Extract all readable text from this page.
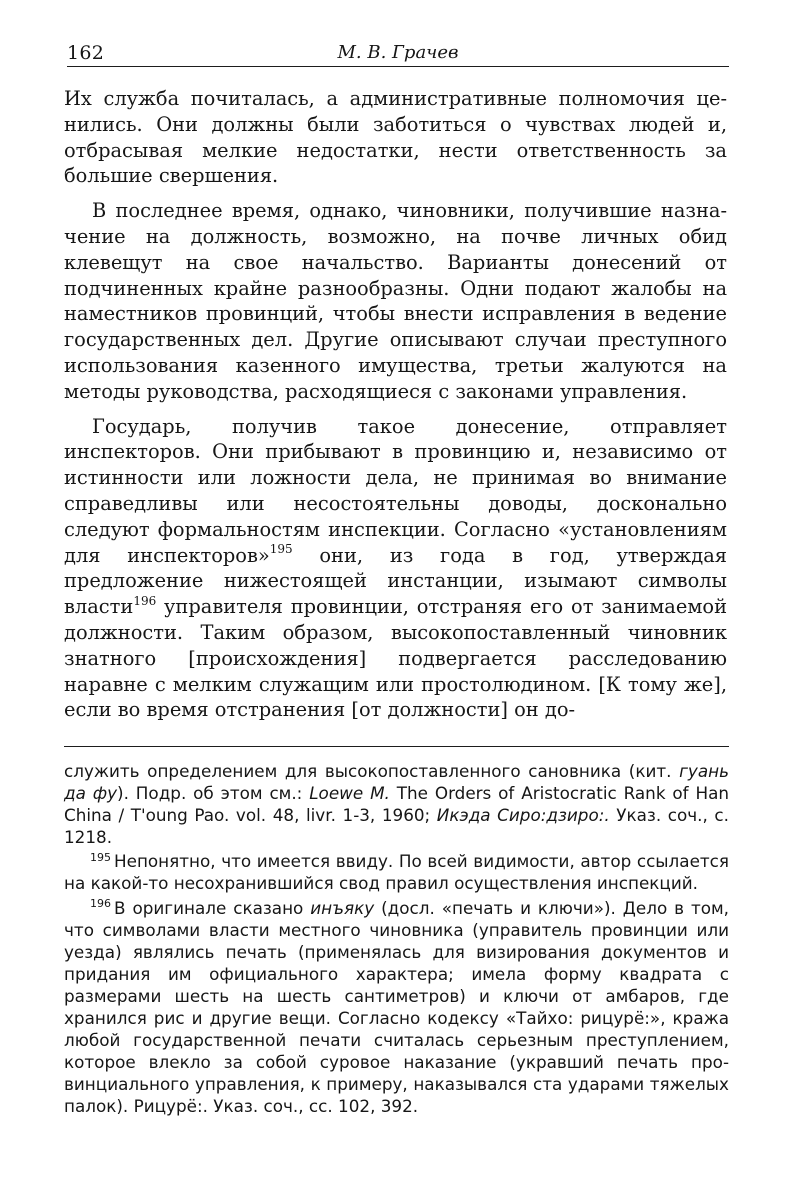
162	М. В. Грачев

Их служба почиталась, а административные полномочия ценились. Они должны были заботиться о чувствах людей и, отбрасывая мелкие недостатки, нести ответственность за большие свершения.

В последнее время, однако, чиновники, получившие назначение на должность, возможно, на почве личных обид клевещут на свое начальство. Варианты донесений от подчиненных крайне разнообразны. Одни подают жалобы на наместников провинций, чтобы внести исправления в ведение государственных дел. Другие описывают случаи преступного использования казенного имущества, третьи жалуются на методы руководства, расходящиеся с законами управления.

Государь, получив такое донесение, отправляет инспекторов. Они прибывают в провинцию и, независимо от истинности или ложности дела, не принимая во внимание справедливы или несостоятельны доводы, досконально следуют формальностям инспекции. Согласно «установлениям для инспекторов»$^{195}$ они, из года в год, утверждая предложение нижестоящей инстанции, изымают символы власти$^{196}$ управителя провинции, отстраняя его от занимаемой должности. Таким образом, высокопоставленный чиновник знатного [происхождения] подвергается расследованию наравне с мелким служащим или простолюдином. [К тому же], если во время отстранения [от должности] он до-

служить определением для высокопоставленного сановника (кит. гуань да фу). Подр. об этом см.: Loewe M. The Orders of Aristocratic Rank of Han China / T'oung Pao. vol. 48, livr. 1-3, 1960; Икэда Сиро:дзиро:. Указ. соч., с. 1218.

$^{195}$ Непонятно, что имеется ввиду. По всей видимости, автор ссылается на какой-то несохранившийся свод правил осуществления инспекций.

$^{196}$ В оригинале сказано инъяку (досл. «печать и ключи»). Дело в том, что символами власти местного чиновника (управитель провинции или уезда) являлись печать (применялась для визирования документов и придания им официального характера; имела форму квадрата с размерами шесть на шесть сантиметров) и ключи от амбаров, где хранился рис и другие вещи. Согласно кодексу «Тайхо: рицурё:», кража любой государственной печати считалась серьезным преступлением, которое влекло за собой суровое наказание (укравший печать провинциального управления, к примеру, наказывался ста ударами тяжелых палок). Рицурё:. Указ. соч., сс. 102, 392.
